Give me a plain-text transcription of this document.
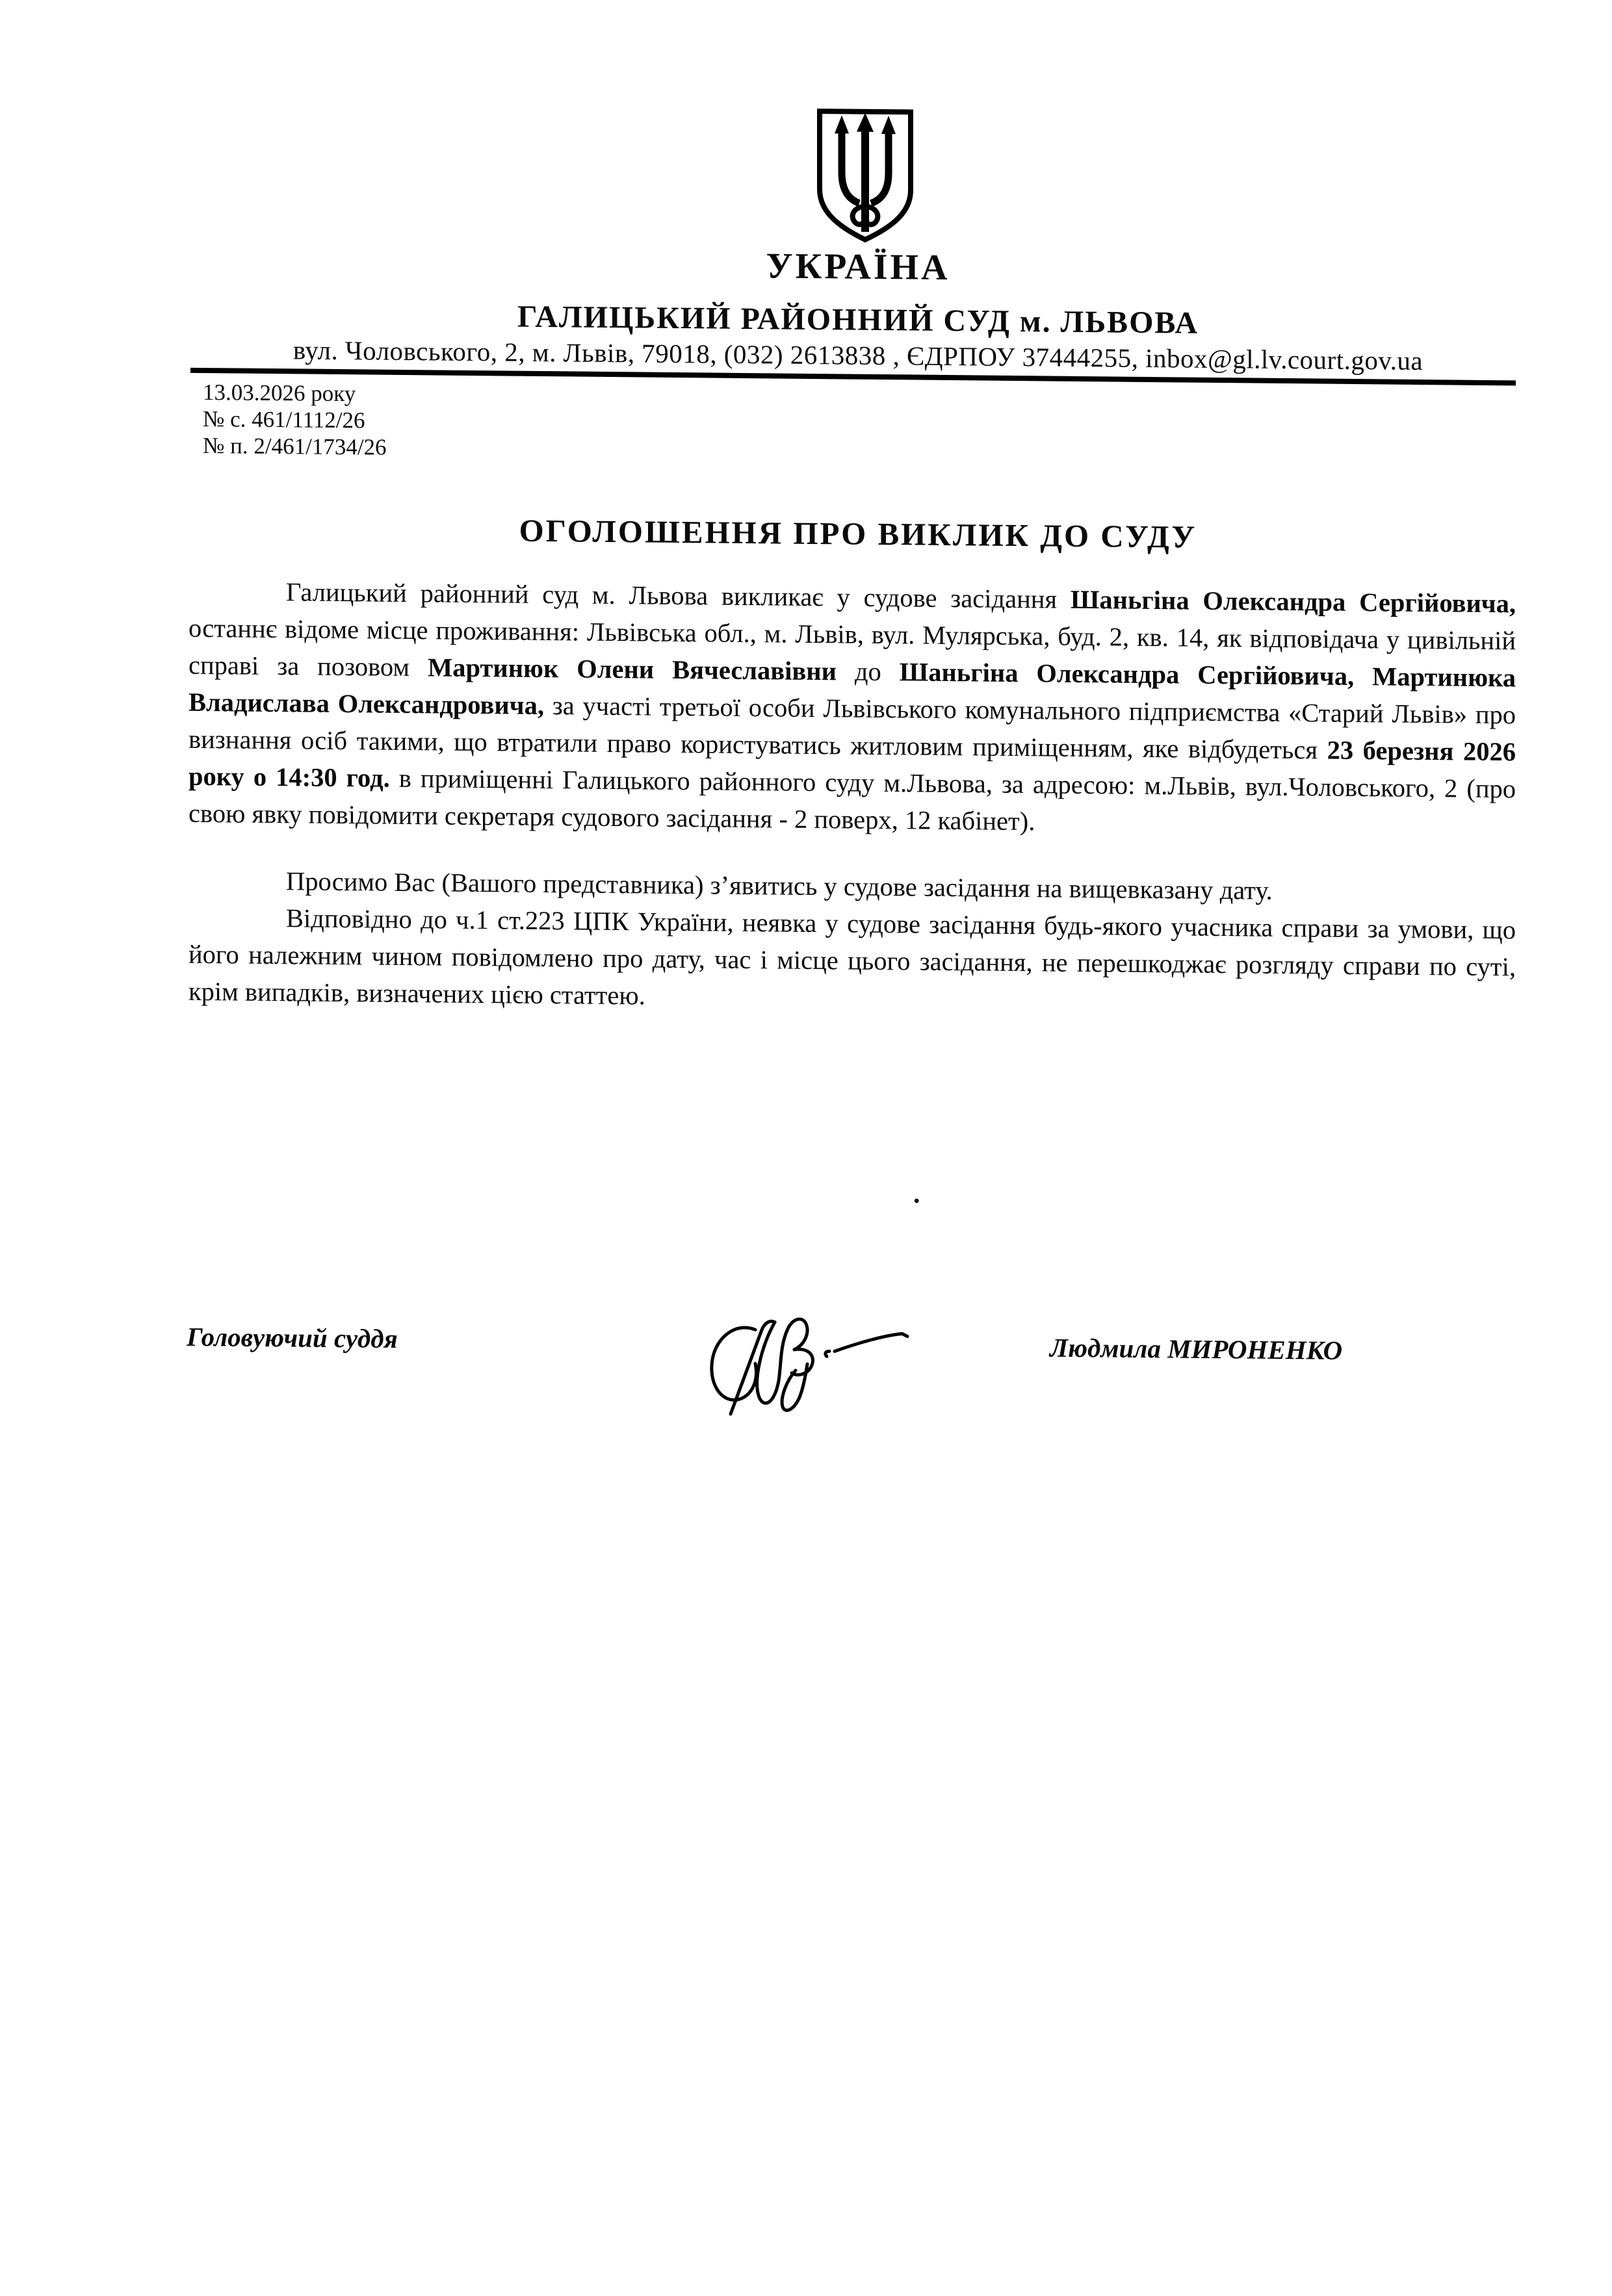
УКРАЇНА
ГАЛИЦЬКИЙ РАЙОННИЙ СУД м. ЛЬВОВА
вул. Чоловського, 2, м. Львів, 79018, (032) 2613838 , ЄДРПОУ 37444255, inbox@gl.lv.court.gov.ua
13.03.2026 року
№ с. 461/1112/26
№ п. 2/461/1734/26
ОГОЛОШЕННЯ ПРО ВИКЛИК ДО СУДУ

Галицький районний суд м. Львова викликає у судове засідання Шаньгіна Олександра Сергійовича, останнє відоме місце проживання: Львівська обл., м. Львів, вул. Мулярська, буд. 2, кв. 14, як відповідача у цивільній справі за позовом Мартинюк Олени Вячеславівни до Шаньгіна Олександра Сергійовича, Мартинюка Владислава Олександровича, за участі третьої особи Львівського комунального підприємства «Старий Львів» про визнання осіб такими, що втратили право користуватись житловим приміщенням, яке відбудеться 23 березня 2026 року о 14:30 год. в приміщенні Галицького районного суду м.Львова, за адресою: м.Львів, вул.Чоловського, 2 (про свою явку повідомити секретаря судового засідання - 2 поверх, 12 кабінет).

Просимо Вас (Вашого представника) з’явитись у судове засідання на вищевказану дату.

Відповідно до ч.1 ст.223 ЦПК України, неявка у судове засідання будь-якого учасника справи за умови, що його належним чином повідомлено про дату, час і місце цього засідання, не перешкоджає розгляду справи по суті, крім випадків, визначених цією статтею.

.
Головуючий суддя	Людмила МИРОНЕНКО
